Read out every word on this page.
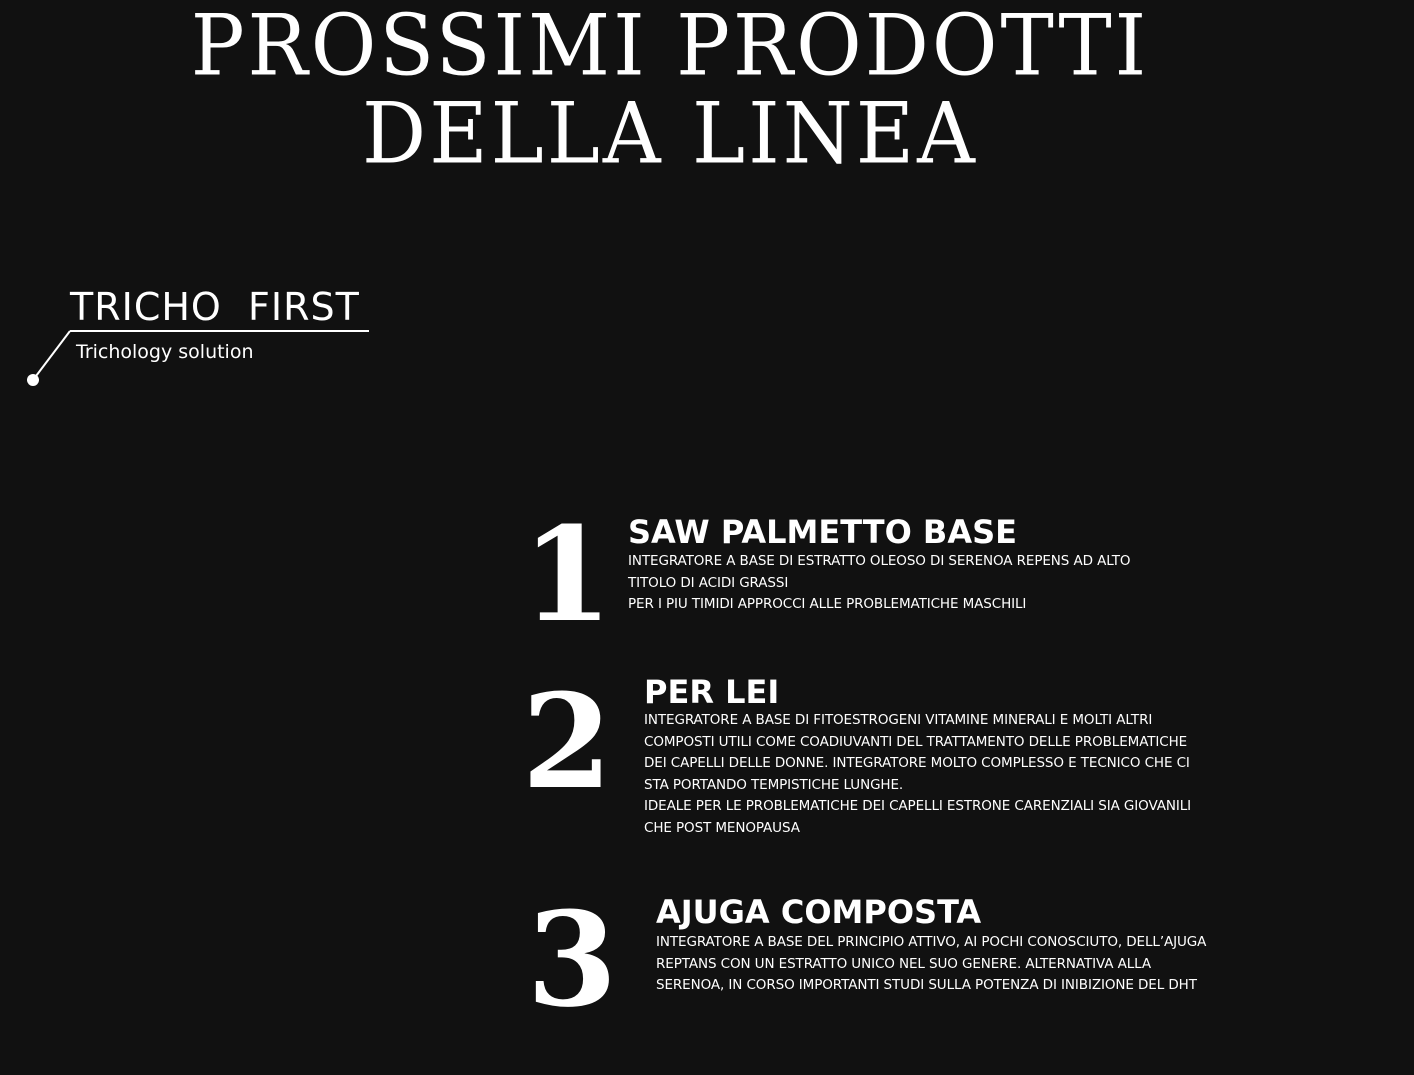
PROSSIMI PRODOTTI
DELLA LINEA
TRICHO  FIRST
Trichology solution
1 SAW PALMETTO BASE

INTEGRATORE A BASE DI ESTRATTO OLEOSO DI SERENOA REPENS AD ALTO TITOLO DI ACIDI GRASSI

PER I PIU TIMIDI APPROCCI ALLE PROBLEMATICHE MASCHILI

2 PER LEI

INTEGRATORE A BASE DI FITOESTROGENI VITAMINE MINERALI E MOLTI ALTRI COMPOSTI UTILI COME COADIUVANTI DEL TRATTAMENTO DELLE PROBLEMATICHE DEI CAPELLI DELLE DONNE. INTEGRATORE MOLTO COMPLESSO E TECNICO CHE CI STA PORTANDO TEMPISTICHE LUNGHE.

IDEALE PER LE PROBLEMATICHE DEI CAPELLI ESTRONE CARENZIALI SIA GIOVANILI CHE POST MENOPAUSA

3 AJUGA COMPOSTA

INTEGRATORE A BASE DEL PRINCIPIO ATTIVO, AI POCHI CONOSCIUTO, DELL’AJUGA REPTANS CON UN ESTRATTO UNICO NEL SUO GENERE. ALTERNATIVA ALLA SERENOA, IN CORSO IMPORTANTI STUDI SULLA POTENZA DI INIBIZIONE DEL DHT
